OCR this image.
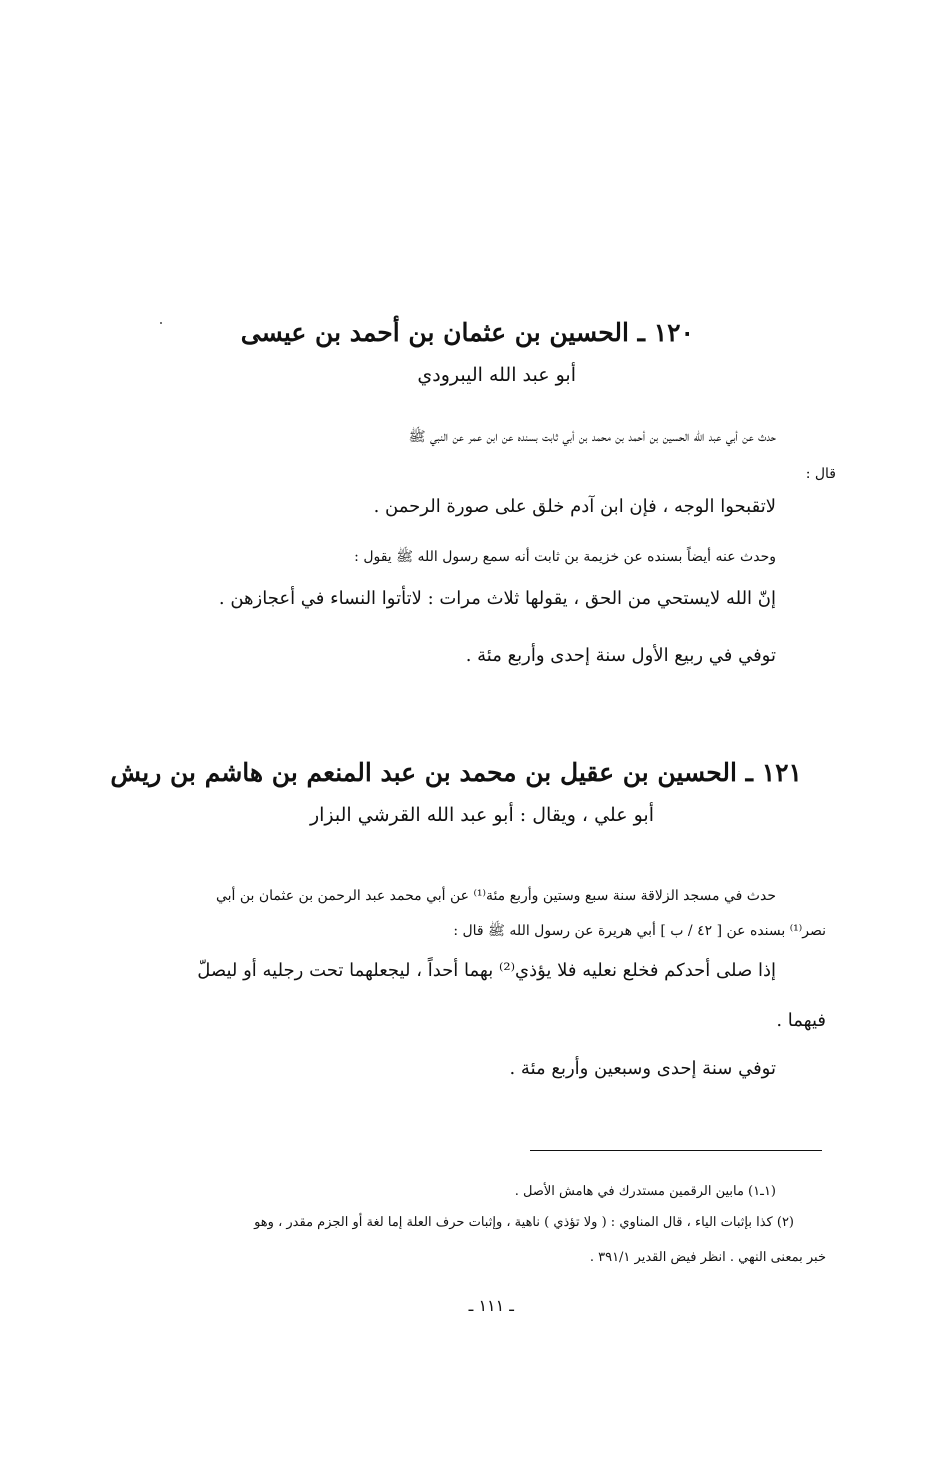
١٢٠ ـ الحسين بن عثمان بن أحمد بن عيسى
أبو عبد الله اليبرودي
حدث عن أبي عبد الله الحسين بن أحمد بن محمد بن أبي ثابت بسنده عن ابن عمر عن النبي ﷺ
قال :
لاتقبحوا الوجه ، فإن ابن آدم خلق على صورة الرحمن .
وحدث عنه أيضاً بسنده عن خزيمة بن ثابت أنه سمع رسول الله ﷺ يقول :
إنّ الله لايستحي من الحق ، يقولها ثلاث مرات : لاتأتوا النساء في أعجازهن .
توفي في ربيع الأول سنة إحدى وأربع مئة .
١٢١ ـ الحسين بن عقيل بن محمد بن عبد المنعم بن هاشم بن ريش
أبو علي ، ويقال : أبو عبد الله القرشي البزار
حدث في مسجد الزلاقة سنة سبع وستين وأربع مئة⁽¹⁾ عن أبي محمد عبد الرحمن بن عثمان بن أبي
نصر⁽¹⁾ بسنده عن [ ٤٢ / ب ] أبي هريرة عن رسول الله ﷺ قال :
إذا صلى أحدكم فخلع نعليه فلا يؤذي⁽²⁾ بهما أحداً ، ليجعلهما تحت رجليه أو ليصلّ
فيهما .
توفي سنة إحدى وسبعين وأربع مئة .
(١ـ١) مابين الرقمين مستدرك في هامش الأصل .
(٢) كذا بإثبات الياء ، قال المناوي : ( ولا تؤذي ) ناهية ، وإثبات حرف العلة إما لغة أو الجزم مقدر ، وهو
خبر بمعنى النهي . انظر فيض القدير ٣٩١/١ .
ـ ١١١ ـ
